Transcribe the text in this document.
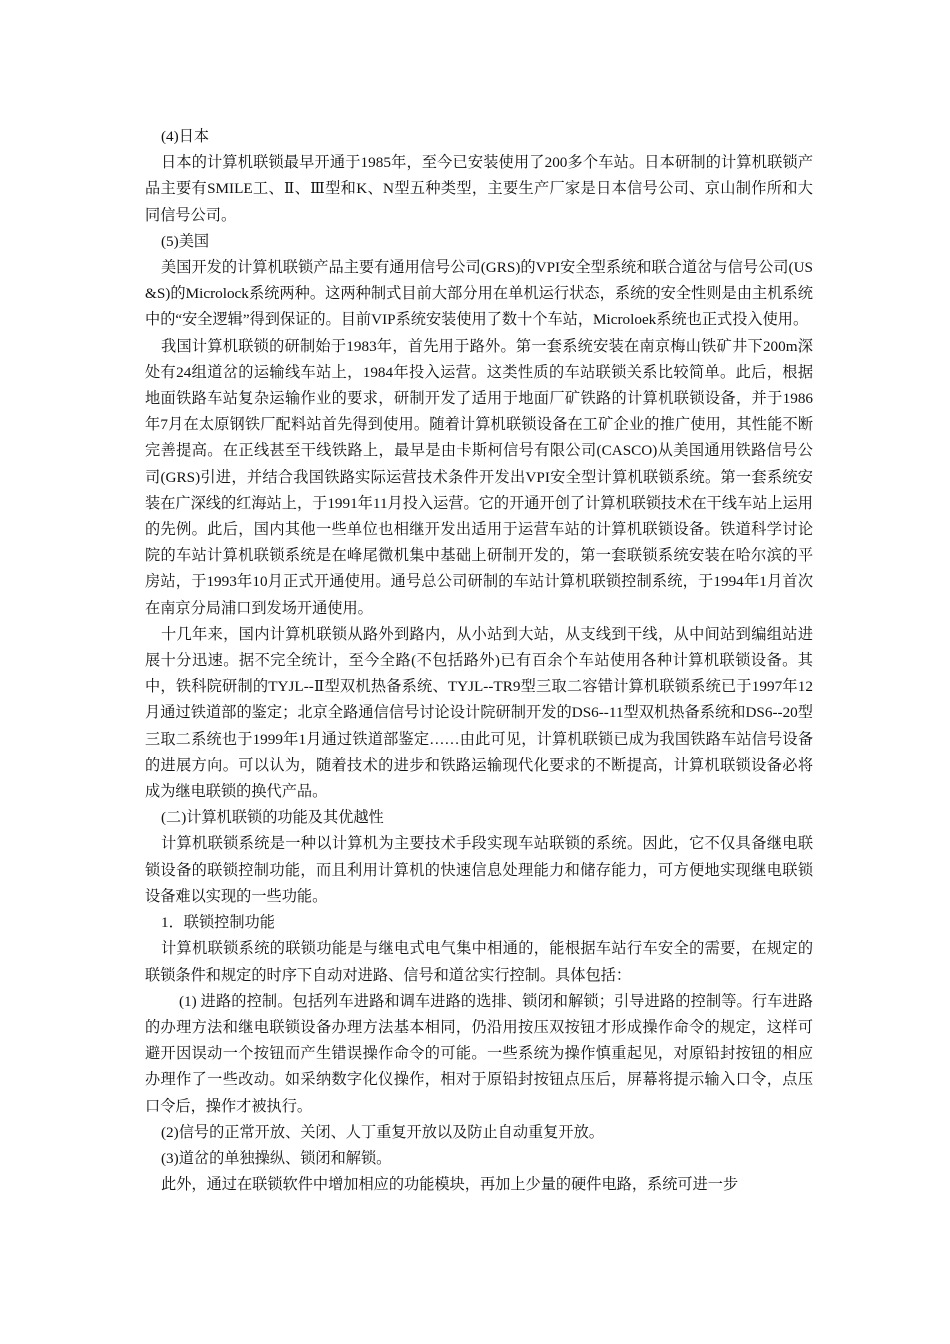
(4)日本

日本的计算机联锁最早开通于1985年，至今已安装使用了200多个车站。日本研制的计算机联锁产品主要有SMILE工、Ⅱ、Ⅲ型和K、N型五种类型，主要生产厂家是日本信号公司、京山制作所和大同信号公司。

(5)美国

美国开发的计算机联锁产品主要有通用信号公司(GRS)的VPI安全型系统和联合道岔与信号公司(US&S)的Microlock系统两种。这两种制式目前大部分用在单机运行状态，系统的安全性则是由主机系统中的“安全逻辑”得到保证的。目前VIP系统安装使用了数十个车站，Microloek系统也正式投入使用。

我国计算机联锁的研制始于1983年，首先用于路外。第一套系统安装在南京梅山铁矿井下200m深处有24组道岔的运输线车站上，1984年投入运营。这类性质的车站联锁关系比较简单。此后，根据地面铁路车站复杂运输作业的要求，研制开发了适用于地面厂矿铁路的计算机联锁设备，并于1986年7月在太原钢铁厂配料站首先得到使用。随着计算机联锁设备在工矿企业的推广使用，其性能不断完善提高。在正线甚至干线铁路上，最早是由卡斯柯信号有限公司(CASCO)从美国通用铁路信号公司(GRS)引进，并结合我国铁路实际运营技术条件开发出VPI安全型计算机联锁系统。第一套系统安装在广深线的红海站上，于1991年11月投入运营。它的开通开创了计算机联锁技术在干线车站上运用的先例。此后，国内其他一些单位也相继开发出适用于运营车站的计算机联锁设备。铁道科学讨论院的车站计算机联锁系统是在峰尾微机集中基础上研制开发的，第一套联锁系统安装在哈尔滨的平房站，于1993年10月正式开通使用。通号总公司研制的车站计算机联锁控制系统，于1994年1月首次在南京分局浦口到发场开通使用。

十几年来，国内计算机联锁从路外到路内，从小站到大站，从支线到干线，从中间站到编组站进展十分迅速。据不完全统计，至今全路(不包括路外)已有百余个车站使用各种计算机联锁设备。其中，铁科院研制的TYJL--Ⅱ型双机热备系统、TYJL--TR9型三取二容错计算机联锁系统已于1997年12月通过铁道部的鉴定；北京全路通信信号讨论设计院研制开发的DS6--11型双机热备系统和DS6--20型三取二系统也于1999年1月通过铁道部鉴定……由此可见，计算机联锁已成为我国铁路车站信号设备的进展方向。可以认为，随着技术的进步和铁路运输现代化要求的不断提高，计算机联锁设备必将成为继电联锁的换代产品。

(二)计算机联锁的功能及其优越性

计算机联锁系统是一种以计算机为主要技术手段实现车站联锁的系统。因此，它不仅具备继电联锁设备的联锁控制功能，而且利用计算机的快速信息处理能力和储存能力，可方便地实现继电联锁设备难以实现的一些功能。

1．联锁控制功能

计算机联锁系统的联锁功能是与继电式电气集中相通的，能根据车站行车安全的需要，在规定的联锁条件和规定的时序下自动对进路、信号和道岔实行控制。具体包括：

(1) 进路的控制。包括列车进路和调车进路的选排、锁闭和解锁；引导进路的控制等。行车进路的办理方法和继电联锁设备办理方法基本相同，仍沿用按压双按钮才形成操作命令的规定，这样可避开因误动一个按钮而产生错误操作命令的可能。一些系统为操作慎重起见，对原铅封按钮的相应办理作了一些改动。如采纳数字化仪操作，相对于原铅封按钮点压后，屏幕将提示输入口令，点压口令后，操作才被执行。

(2)信号的正常开放、关闭、人丁重复开放以及防止自动重复开放。

(3)道岔的单独操纵、锁闭和解锁。

此外，通过在联锁软件中增加相应的功能模块，再加上少量的硬件电路，系统可进一步
